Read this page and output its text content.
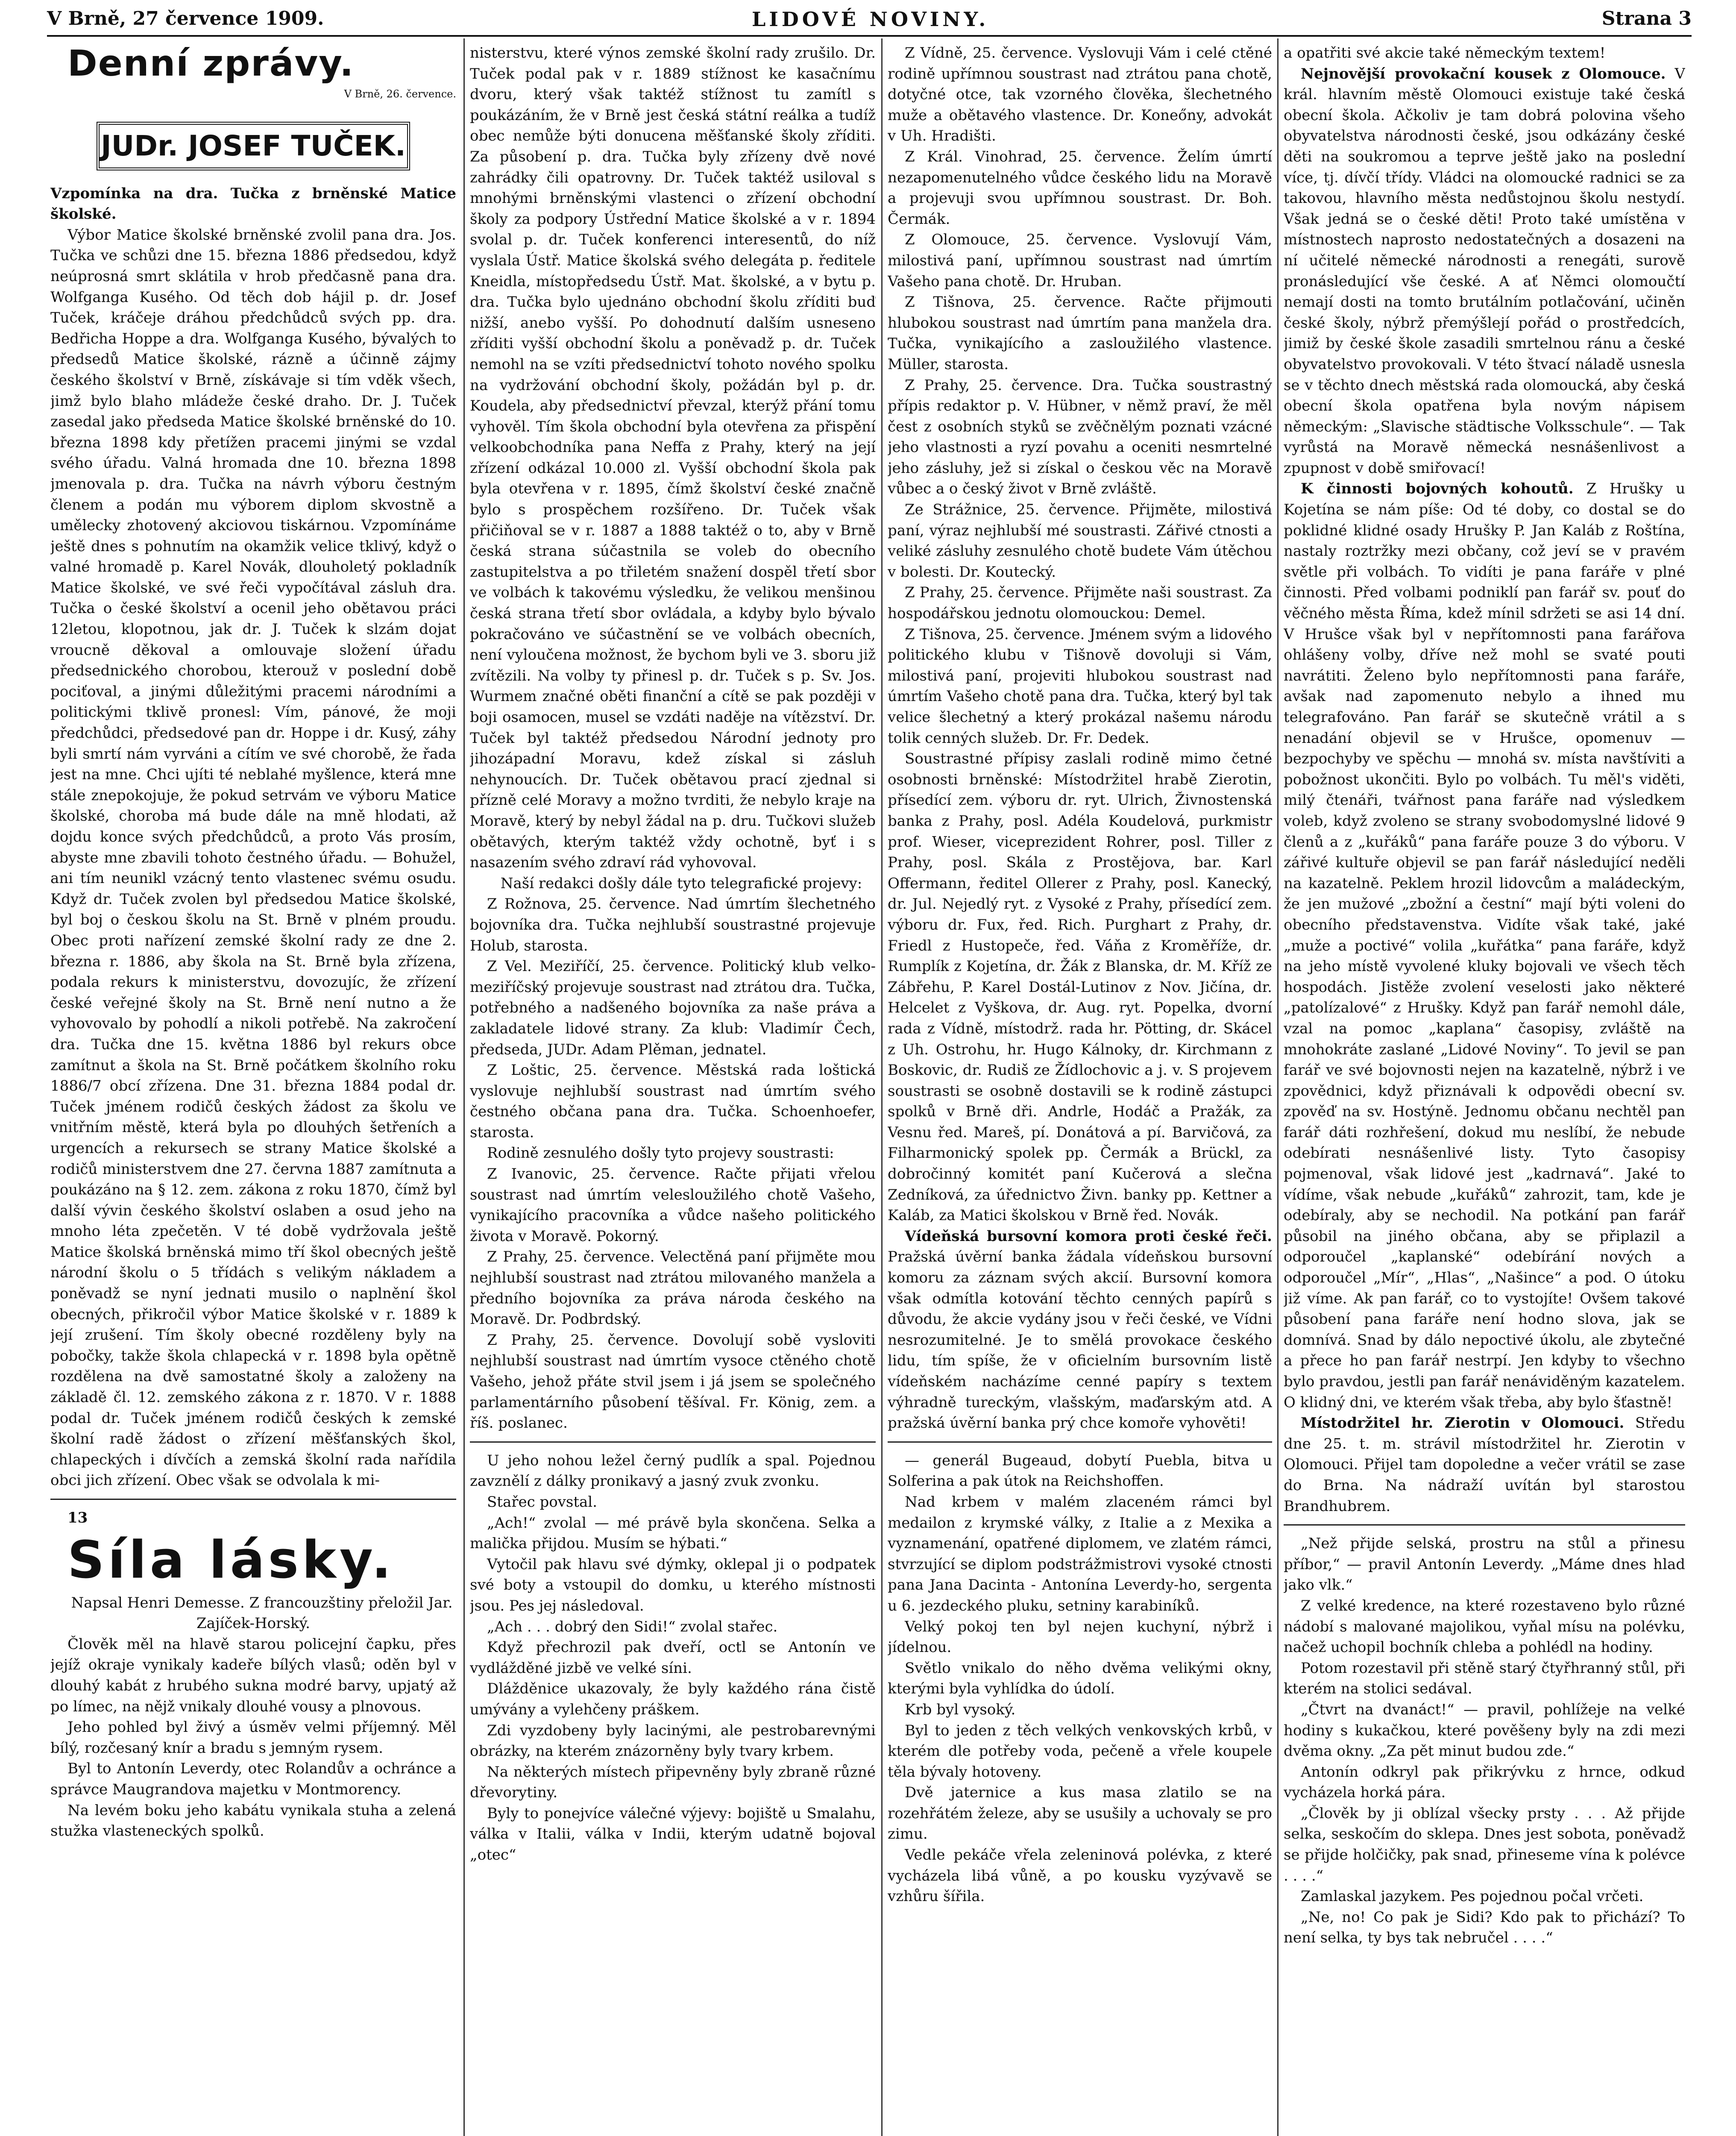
V Brně, 27 července 1909.	LIDOVÉ NOVINY.	Strana 3

Denní zprávy.

V Brně, 26. července.

JUDr. JOSEF TUČEK.

Vzpomínka na dra. Tučka z brněnské Matice školské.

Výbor Matice školské brněnské zvolil pana dra. Jos. Tučka ve schůzi dne 15. března 1886 předsedou, když neúprosná smrt sklátila v hrob předčasně pana dra. Wolfganga Kusého. Od těch dob hájil p. dr. Josef Tuček, kráčeje dráhou předchůdců svých pp. dra. Bedřicha Hoppe a dra. Wolfganga Kusého, bývalých to předsedů Matice školské, rázně a účinně zájmy českého školství v Brně, získávaje si tím vděk všech, jimž bylo blaho mládeže české draho. Dr. J. Tuček zasedal jako předseda Matice školské brněnské do 10. března 1898 kdy přetížen pracemi jinými se vzdal svého úřadu. Valná hromada dne 10. března 1898 jmenovala p. dra. Tučka na návrh výboru čestným členem a podán mu výborem diplom skvostně a umělecky zhotovený akciovou tiskárnou. Vzpomínáme ještě dnes s pohnutím na okamžik velice tklivý, když o valné hromadě p. Karel Novák, dlouholetý pokladník Matice školské, ve své řeči vypočítával zásluh dra. Tučka o české školství a ocenil jeho obětavou práci 12letou, klopotnou, jak dr. J. Tuček k slzám dojat vroucně děkoval a omlouvaje složení úřadu předsednického chorobou, kterouž v poslední době pociťoval, a jinými důležitými pracemi národními a politickými tklivě pronesl: Vím, pánové, že moji předchůdci, předsedové pan dr. Hoppe i dr. Kusý, záhy byli smrtí nám vyrváni a cítím ve své chorobě, že řada jest na mne. Chci ujíti té neblahé myšlence, která mne stále znepokojuje, že pokud setrvám ve výboru Matice školské, choroba má bude dále na mně hlodati, až dojdu konce svých předchůdců, a proto Vás prosím, abyste mne zbavili tohoto čestného úřadu. — Bohužel, ani tím neunikl vzácný tento vlastenec svému osudu. Když dr. Tuček zvolen byl předsedou Matice školské, byl boj o českou školu na St. Brně v plném proudu. Obec proti nařízení zemské školní rady ze dne 2. března r. 1886, aby škola na St. Brně byla zřízena, podala rekurs k ministerstvu, dovozujíc, že zřízení české veřejné školy na St. Brně není nutno a že vyhovovalo by pohodlí a nikoli potřebě. Na zakročení dra. Tučka dne 15. května 1886 byl rekurs obce zamítnut a škola na St. Brně počátkem školního roku 1886/7 obcí zřízena. Dne 31. března 1884 podal dr. Tuček jménem rodičů českých žádost za školu ve vnitřním městě, která byla po dlouhých šetřeních a urgencích a rekursech se strany Matice školské a rodičů ministerstvem dne 27. června 1887 zamítnuta a poukázáno na § 12. zem. zákona z roku 1870, čímž byl další vývin českého školství oslaben a osud jeho na mnoho léta zpečetěn. V té době vydržovala ještě Matice školská brněnská mimo tří škol obecných ještě národní školu o 5 třídách s velikým nákladem a poněvadž se nyní jednati musilo o naplnění škol obecných, přikročil výbor Matice školské v r. 1889 k její zrušení. Tím školy obecné rozděleny byly na pobočky, takže škola chlapecká v r. 1898 byla opětně rozdělena na dvě samostatné školy a založeny na základě čl. 12. zemského zákona z r. 1870. V r. 1888 podal dr. Tuček jménem rodičů českých k zemské školní radě žádost o zřízení měšťanských škol, chlapeckých i dívčích a zemská školní rada nařídila obci jich zřízení. Obec však se odvolala k mi-

13

Síla lásky.

Napsal Henri Demesse. Z francouzštiny přeložil Jar. Zajíček-Horský.

Člověk měl na hlavě starou policejní čapku, přes jejíž okraje vynikaly kadeře bílých vlasů; oděn byl v dlouhý kabát z hrubého sukna modré barvy, upjatý až po límec, na nějž vnikaly dlouhé vousy a plnovous.

Jeho pohled byl živý a úsměv velmi příjemný. Měl bílý, rozčesaný knír a bradu s jemným rysem.

Byl to Antonín Leverdy, otec Rolandův a ochránce a správce Maugrandova majetku v Montmorency.

Na levém boku jeho kabátu vynikala stuha a zelená stužka vlasteneckých spolků.

nisterstvu, které výnos zemské školní rady zrušilo. Dr. Tuček podal pak v r. 1889 stížnost ke kasačnímu dvoru, který však taktéž stížnost tu zamítl s poukázáním, že v Brně jest česká státní reálka a tudíž obec nemůže býti donucena měšťanské školy zříditi. Za působení p. dra. Tučka byly zřízeny dvě nové zahrádky čili opatrovny. Dr. Tuček taktéž usiloval s mnohými brněnskými vlastenci o zřízení obchodní školy za podpory Ústřední Matice školské a v r. 1894 svolal p. dr. Tuček konferenci interesentů, do níž vyslala Ústř. Matice školská svého delegáta p. ředitele Kneidla, místopředsedu Ústř. Mat. školské, a v bytu p. dra. Tučka bylo ujednáno obchodní školu zříditi buď nižší, anebo vyšší. Po dohodnutí dalším usneseno zříditi vyšší obchodní školu a poněvadž p. dr. Tuček nemohl na se vzíti předsednictví tohoto nového spolku na vydržování obchodní školy, požádán byl p. dr. Koudela, aby předsednictví převzal, kterýž přání tomu vyhověl. Tím škola obchodní byla otevřena za přispění velkoobchodníka pana Neffa z Prahy, který na její zřízení odkázal 10.000 zl. Vyšší obchodní škola pak byla otevřena v r. 1895, čímž školství české značně bylo s prospěchem rozšířeno. Dr. Tuček však přičiňoval se v r. 1887 a 1888 taktéž o to, aby v Brně česká strana súčastnila se voleb do obecního zastupitelstva a po třiletém snažení dospěl třetí sbor ve volbách k takovému výsledku, že velikou menšinou česká strana třetí sbor ovládala, a kdyby bylo bývalo pokračováno ve súčastnění se ve volbách obecních, není vyloučena možnost, že bychom byli ve 3. sboru již zvítězili. Na volby ty přinesl p. dr. Tuček s p. Sv. Jos. Wurmem značné oběti finanční a cítě se pak později v boji osamocen, musel se vzdáti naděje na vítězství. Dr. Tuček byl taktéž předsedou Národní jednoty pro jihozápadní Moravu, kdež získal si zásluh nehynoucích. Dr. Tuček obětavou prací zjednal si přízně celé Moravy a možno tvrditi, že nebylo kraje na Moravě, který by nebyl žádal na p. dru. Tučkovi služeb obětavých, kterým taktéž vždy ochotně, byť i s nasazením svého zdraví rád vyhovoval.

Naší redakci došly dále tyto telegrafické projevy:

Z Rožnova, 25. července. Nad úmrtím šlechetného bojovníka dra. Tučka nejhlubší soustrastné projevuje Holub, starosta.

Z Vel. Meziříčí, 25. července. Politický klub velko-meziříčský projevuje soustrast nad ztrátou dra. Tučka, potřebného a nadšeného bojovníka za naše práva a zakladatele lidové strany. Za klub: Vladimír Čech, předseda, JUDr. Adam Plěman, jednatel.

Z Loštic, 25. července. Městská rada loštická vyslovuje nejhlubší soustrast nad úmrtím svého čestného občana pana dra. Tučka. Schoenhoefer, starosta.

Rodině zesnulého došly tyto projevy soustrasti:

Z Ivanovic, 25. července. Račte přijati vřelou soustrast nad úmrtím velesloužilého chotě Vašeho, vynikajícího pracovníka a vůdce našeho politického života v Moravě. Pokorný.

Z Prahy, 25. července. Velectěná paní přijměte mou nejhlubší soustrast nad ztrátou milovaného manžela a předního bojovníka za práva národa českého na Moravě. Dr. Podbrdský.

Z Prahy, 25. července. Dovolují sobě vysloviti nejhlubší soustrast nad úmrtím vysoce ctěného chotě Vašeho, jehož přáte stvil jsem i já jsem se společného parlamentárního působení těšíval. Fr. König, zem. a říš. poslanec.

U jeho nohou ležel černý pudlík a spal. Pojednou zavznělí z dálky pronikavý a jasný zvuk zvonku.

Stařec povstal.

„Ach!“ zvolal — mé právě byla skončena. Selka a malička přijdou. Musím se hýbati.“

Vytočil pak hlavu své dýmky, oklepal ji o podpatek své boty a vstoupil do domku, u kterého místnosti jsou. Pes jej následoval.

„Ach . . . dobrý den Sidi!“ zvolal stařec.

Když přechrozil pak dveří, octl se Antonín ve vydlážděné jizbě ve velké síni.

Dlážděnice ukazovaly, že byly každého rána čistě umývány a vylehčeny práškem.

Zdi vyzdobeny byly lacinými, ale pestrobarevnými obrázky, na kterém znázorněny byly tvary krbem.

Na některých místech připevněny byly zbraně různé dřevorytiny.

Byly to ponejvíce válečné výjevy: bojiště u Smalahu, válka v Italii, válka v Indii, kterým udatně bojoval „otec“

Z Vídně, 25. července. Vyslovuji Vám i celé ctěné rodině upřímnou soustrast nad ztrátou pana chotě, dotyčné otce, tak vzorného člověka, šlechetného muže a obětavého vlastence. Dr. Koneőny, advokát v Uh. Hradišti.

Z Král. Vinohrad, 25. července. Želím úmrtí nezapomenutelného vůdce českého lidu na Moravě a projevuji svou upřímnou soustrast. Dr. Boh. Čermák.

Z Olomouce, 25. července. Vyslovují Vám, milostivá paní, upřímnou soustrast nad úmrtím Vašeho pana chotě. Dr. Hruban.

Z Tišnova, 25. července. Račte přijmouti hlubokou soustrast nad úmrtím pana manžela dra. Tučka, vynikajícího a zasloužilého vlastence. Müller, starosta.

Z Prahy, 25. července. Dra. Tučka soustrastný přípis redaktor p. V. Hübner, v němž praví, že měl čest z osobních styků se zvěčnělým poznati vzácné jeho vlastnosti a ryzí povahu a oceniti nesmrtelné jeho zásluhy, jež si získal o českou věc na Moravě vůbec a o český život v Brně zvláště.

Ze Strážnice, 25. července. Přijměte, milostivá paní, výraz nejhlubší mé soustrasti. Zářivé ctnosti a veliké zásluhy zesnulého chotě budete Vám útěchou v bolesti. Dr. Koutecký.

Z Prahy, 25. července. Přijměte naši soustrast. Za hospodářskou jednotu olomouckou: Demel.

Z Tišnova, 25. července. Jménem svým a lidového politického klubu v Tišnově dovoluji si Vám, milostivá paní, projeviti hlubokou soustrast nad úmrtím Vašeho chotě pana dra. Tučka, který byl tak velice šlechetný a který prokázal našemu národu tolik cenných služeb. Dr. Fr. Dedek.

Soustrastné přípisy zaslali rodině mimo četné osobnosti brněnské: Místodržitel hrabě Zierotin, přísedící zem. výboru dr. ryt. Ulrich, Živnostenská banka z Prahy, posl. Adéla Koudelová, purkmistr prof. Wieser, viceprezident Rohrer, posl. Tiller z Prahy, posl. Skála z Prostějova, bar. Karl Offermann, ředitel Ollerer z Prahy, posl. Kanecký, dr. Jul. Nejedlý ryt. z Vysoké z Prahy, přísedící zem. výboru dr. Fux, řed. Rich. Purghart z Prahy, dr. Friedl z Hustopeče, řed. Váňa z Kroměříže, dr. Rumplík z Kojetína, dr. Žák z Blanska, dr. M. Kříž ze Zábřehu, P. Karel Dostál-Lutinov z Nov. Jičína, dr. Helcelet z Vyškova, dr. Aug. ryt. Popelka, dvorní rada z Vídně, místodrž. rada hr. Pötting, dr. Skácel z Uh. Ostrohu, hr. Hugo Kálnoky, dr. Kirchmann z Boskovic, dr. Rudiš ze Žídlochovic a j. v. S projevem soustrasti se osobně dostavili se k rodině zástupci spolků v Brně dři. Andrle, Hodáč a Pražák, za Vesnu řed. Mareš, pí. Donátová a pí. Barvičová, za Filharmonický spolek pp. Čermák a Brückl, za dobročinný komitét paní Kučerová a slečna Zedníková, za úřednictvo Živn. banky pp. Kettner a Kaláb, za Matici školskou v Brně řed. Novák.

Vídeňská bursovní komora proti české řeči. Pražská úvěrní banka žádala vídeňskou bursovní komoru za záznam svých akcií. Bursovní komora však odmítla kotování těchto cenných papírů s důvodu, že akcie vydány jsou v řeči české, ve Vídni nesrozumitelné. Je to smělá provokace českého lidu, tím spíše, že v oficielním bursovním listě vídeňském nacházíme cenné papíry s textem výhradně tureckým, vlašským, maďarským atd. A pražská úvěrní banka prý chce komoře vyhověti!

— generál Bugeaud, dobytí Puebla, bitva u Solferina a pak útok na Reichshoffen.

Nad krbem v malém zlaceném rámci byl medailon z krymské války, z Italie a z Mexika a vyznamenání, opatřené diplomem, ve zlatém rámci, stvrzující se diplom podstrážmistrovi vysoké ctnosti pana Jana Dacinta - Antonína Leverdy-ho, sergenta u 6. jezdeckého pluku, setniny karabiníků.

Velký pokoj ten byl nejen kuchyní, nýbrž i jídelnou.

Světlo vnikalo do něho dvěma velikými okny, kterými byla vyhlídka do údolí.

Krb byl vysoký.

Byl to jeden z těch velkých venkovských krbů, v kterém dle potřeby voda, pečeně a vřele koupele těla bývaly hotoveny.

Dvě jaternice a kus masa zlatilo se na rozehřátém železe, aby se usušily a uchovaly se pro zimu.

Vedle pekáče vřela zeleninová polévka, z které vycházela libá vůně, a po kousku vyzývavě se vzhůru šířila.

a opatřiti své akcie také německým textem!

Nejnovější provokační kousek z Olomouce. V král. hlavním městě Olomouci existuje také česká obecní škola. Ačkoliv je tam dobrá polovina všeho obyvatelstva národnosti české, jsou odkázány české děti na soukromou a teprve ještě jako na poslední více, tj. dívčí třídy. Vládci na olomoucké radnici se za takovou, hlavního města nedůstojnou školu nestydí. Však jedná se o české děti! Proto také umístěna v místnostech naprosto nedostatečných a dosazeni na ní učitelé německé národnosti a renegáti, surově pronásledující vše české. A ať Němci olomoučtí nemají dosti na tomto brutálním potlačování, učiněn české školy, nýbrž přemýšlejí pořád o prostředcích, jimiž by české škole zasadili smrtelnou ránu a české obyvatelstvo provokovali. V této štvací náladě usnesla se v těchto dnech městská rada olomoucká, aby česká obecní škola opatřena byla novým nápisem německým: „Slavische städtische Volksschule“. — Tak vyrůstá na Moravě německá nesnášenlivost a zpupnost v době smiřovací!

K činnosti bojovných kohoutů. Z Hrušky u Kojetína se nám píše: Od té doby, co dostal se do poklidné klidné osady Hrušky P. Jan Kaláb z Roštína, nastaly roztržky mezi občany, což jeví se v pravém světle při volbách. To vidíti je pana faráře v plné činnosti. Před volbami podniklí pan farář sv. pouť do věčného města Říma, kdež mínil sdržeti se asi 14 dní. V Hrušce však byl v nepřítomnosti pana farářova ohlášeny volby, dříve než mohl se svaté pouti navrátiti. Želeno bylo nepřítomnosti pana faráře, avšak nad zapomenuto nebylo a ihned mu telegrafováno. Pan farář se skutečně vrátil a s nenadání objevil se v Hrušce, opomenuv — bezpochyby ve spěchu — mnohá sv. místa navštíviti a pobožnost ukončiti. Bylo po volbách. Tu měl's viděti, milý čtenáři, tvářnost pana faráře nad výsledkem voleb, když zvoleno se strany svobodomyslné lidové 9 členů a z „kuřáků“ pana faráře pouze 3 do výboru. V zářivé kultuře objevil se pan farář následující neděli na kazatelně. Peklem hrozil lidovcům a maládeckým, že jen mužové „zbožní a čestní“ mají býti voleni do obecního představenstva. Vidíte však také, jaké „muže a poctivé“ volila „kuřátka“ pana faráře, když na jeho místě vyvolené kluky bojovali ve všech těch hospodách. Jistěže zvolení veselosti jako některé „patolízalové“ z Hrušky. Když pan farář nemohl dále, vzal na pomoc „kaplana“ časopisy, zvláště na mnohokráte zaslané „Lidové Noviny“. To jevil se pan farář ve své bojovnosti nejen na kazatelně, nýbrž i ve zpovědnici, když přiznávali k odpovědi obecní sv. zpověď na sv. Hostýně. Jednomu občanu nechtěl pan farář dáti rozhřešení, dokud mu neslíbí, že nebude odebírati nesnášenlivé listy. Tyto časopisy pojmenoval, však lidové jest „kadrnavá“. Jaké to vídíme, však nebude „kuřáků“ zahrozit, tam, kde je odebíraly, aby se nechodil. Na potkání pan farář působil na jiného občana, aby se připlazil a odporoučel „kaplanské“ odebírání nových a odporoučel „Mír“, „Hlas“, „Našince“ a pod. O útoku již víme. Ak pan farář, co to vystojíte! Ovšem takové působení pana faráře není hodno slova, jak se domnívá. Snad by dálo nepoctivé úkolu, ale zbytečné a přece ho pan farář nestrpí. Jen kdyby to všechno bylo pravdou, jestli pan farář nenáviděným kazatelem. O klidný dni, ve kterém však třeba, aby bylo šťastně!

Místodržitel hr. Zierotin v Olomouci. Středu dne 25. t. m. strávil místodržitel hr. Zierotin v Olomouci. Přijel tam dopoledne a večer vrátil se zase do Brna. Na nádraží uvítán byl starostou Brandhubrem.

„Než přijde selská, prostru na stůl a přinesu příbor,“ — pravil Antonín Leverdy. „Máme dnes hlad jako vlk.“

Z velké kredence, na které rozestaveno bylo různé nádobí s malované majolikou, vyňal mísu na polévku, načež uchopil bochník chleba a pohlédl na hodiny.

Potom rozestavil při stěně starý čtyřhranný stůl, při kterém na stolici sedával.

„Čtvrt na dvanáct!“ — pravil, pohlížeje na velké hodiny s kukačkou, které pověšeny byly na zdi mezi dvěma okny. „Za pět minut budou zde.“

Antonín odkryl pak přikrývku z hrnce, odkud vycházela horká pára.

„Člověk by ji oblízal všecky prsty . . . Až přijde selka, seskočím do sklepa. Dnes jest sobota, poněvadž se přijde holčičky, pak snad, přineseme vína k polévce . . . .“

Zamlaskal jazykem. Pes pojednou počal vrčeti.

„Ne, no! Co pak je Sidi? Kdo pak to přichází? To není selka, ty bys tak nebručel . . . .“
